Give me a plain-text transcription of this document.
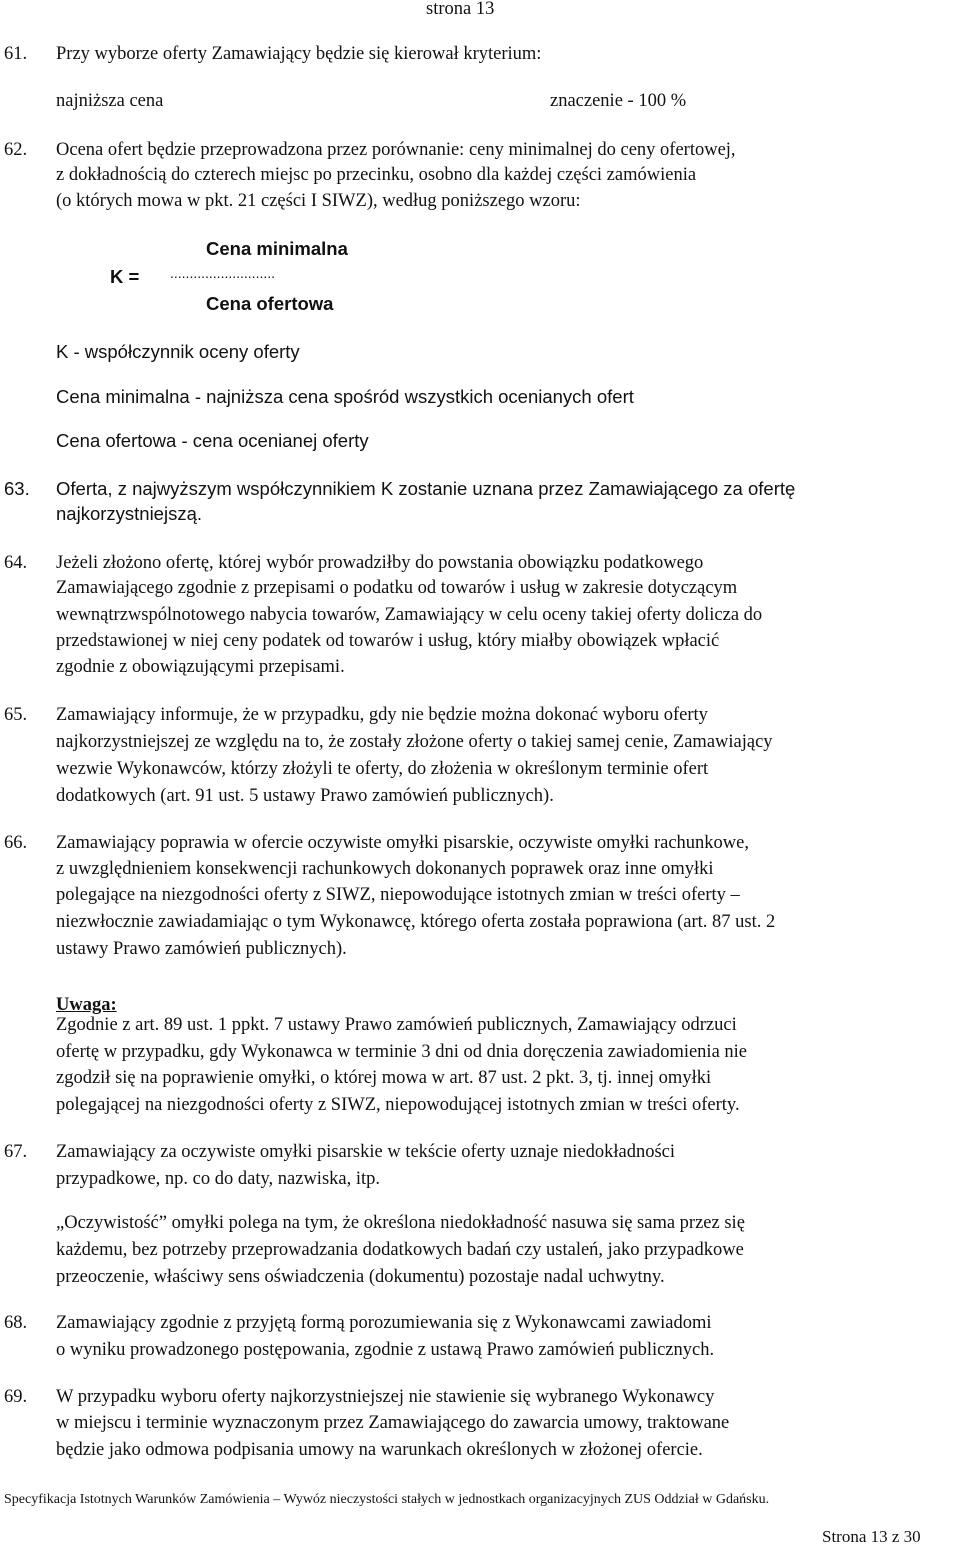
strona 13
61. Przy wyborze oferty Zamawiający będzie się kierował kryterium:
najniższa cena	znaczenie - 100 %
62. Ocena ofert będzie przeprowadzona przez porównanie: ceny minimalnej do ceny ofertowej,
z dokładnością do czterech miejsc po przecinku, osobno dla każdej części zamówienia
(o których mowa w pkt. 21 części I SIWZ), według poniższego wzoru:
Cena minimalna
K = ...........................
Cena ofertowa
K - współczynnik oceny oferty
Cena minimalna - najniższa cena spośród wszystkich ocenianych ofert
Cena ofertowa - cena ocenianej oferty
63. Oferta, z najwyższym współczynnikiem K zostanie uznana przez Zamawiającego za ofertę
najkorzystniejszą.
64. Jeżeli złożono ofertę, której wybór prowadziłby do powstania obowiązku podatkowego
Zamawiającego zgodnie z przepisami o podatku od towarów i usług w zakresie dotyczącym
wewnątrzwspólnotowego nabycia towarów, Zamawiający w celu oceny takiej oferty dolicza do
przedstawionej w niej ceny podatek od towarów i usług, który miałby obowiązek wpłacić
zgodnie z obowiązującymi przepisami.
65. Zamawiający informuje, że w przypadku, gdy nie będzie można dokonać wyboru oferty
najkorzystniejszej ze względu na to, że zostały złożone oferty o takiej samej cenie, Zamawiający
wezwie Wykonawców, którzy złożyli te oferty, do złożenia w określonym terminie ofert
dodatkowych (art. 91 ust. 5 ustawy Prawo zamówień publicznych).
66. Zamawiający poprawia w ofercie oczywiste omyłki pisarskie, oczywiste omyłki rachunkowe,
z uwzględnieniem konsekwencji rachunkowych dokonanych poprawek oraz inne omyłki
polegające na niezgodności oferty z SIWZ, niepowodujące istotnych zmian w treści oferty –
niezwłocznie zawiadamiając o tym Wykonawcę, którego oferta została poprawiona (art. 87 ust. 2
ustawy Prawo zamówień publicznych).
Uwaga:
Zgodnie z art. 89 ust. 1 ppkt. 7 ustawy Prawo zamówień publicznych, Zamawiający odrzuci
ofertę w przypadku, gdy Wykonawca w terminie 3 dni od dnia doręczenia zawiadomienia nie
zgodził się na poprawienie omyłki, o której mowa w art. 87 ust. 2 pkt. 3, tj. innej omyłki
polegającej na niezgodności oferty z SIWZ, niepowodującej istotnych zmian w treści oferty.
67. Zamawiający za oczywiste omyłki pisarskie w tekście oferty uznaje niedokładności
przypadkowe, np. co do daty, nazwiska, itp.
„Oczywistość” omyłki polega na tym, że określona niedokładność nasuwa się sama przez się
każdemu, bez potrzeby przeprowadzania dodatkowych badań czy ustaleń, jako przypadkowe
przeoczenie, właściwy sens oświadczenia (dokumentu) pozostaje nadal uchwytny.
68. Zamawiający zgodnie z przyjętą formą porozumiewania się z Wykonawcami zawiadomi
o wyniku prowadzonego postępowania, zgodnie z ustawą Prawo zamówień publicznych.
69. W przypadku wyboru oferty najkorzystniejszej nie stawienie się wybranego Wykonawcy
w miejscu i terminie wyznaczonym przez Zamawiającego do zawarcia umowy, traktowane
będzie jako odmowa podpisania umowy na warunkach określonych w złożonej ofercie.
Specyfikacja Istotnych Warunków Zamówienia – Wywóz nieczystości stałych w jednostkach organizacyjnych ZUS Oddział w Gdańsku.
Strona 13 z 30
